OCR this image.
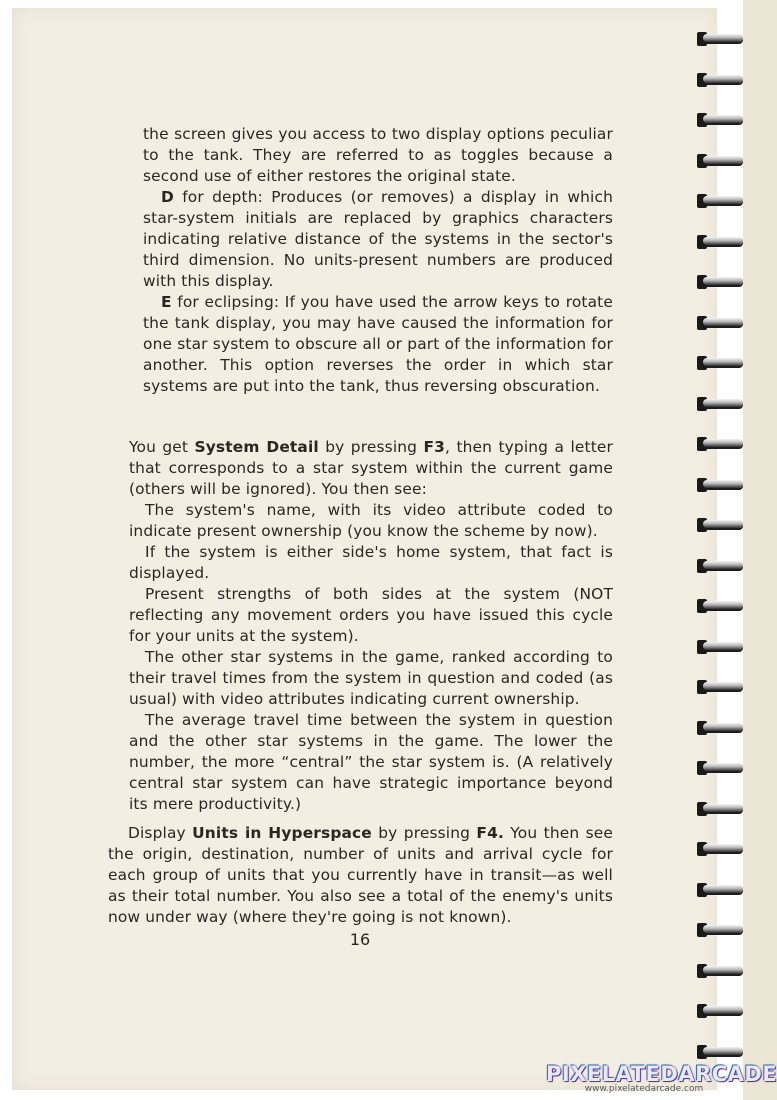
the screen gives you access to two display options peculiar to the tank. They are referred to as toggles because a second use of either restores the original state.

D for depth: Produces (or removes) a display in which star-system initials are replaced by graphics characters indicating relative distance of the systems in the sector's third dimension. No units-present numbers are produced with this display.

E for eclipsing: If you have used the arrow keys to rotate the tank display, you may have caused the information for one star system to obscure all or part of the information for another. This option reverses the order in which star systems are put into the tank, thus reversing obscuration.

You get System Detail by pressing F3, then typing a letter that corresponds to a star system within the current game (others will be ignored). You then see:

The system's name, with its video attribute coded to indicate present ownership (you know the scheme by now).

If the system is either side's home system, that fact is displayed.

Present strengths of both sides at the system (NOT reflecting any movement orders you have issued this cycle for your units at the system).

The other star systems in the game, ranked according to their travel times from the system in question and coded (as usual) with video attributes indicating current ownership.

The average travel time between the system in question and the other star systems in the game. The lower the number, the more “central” the star system is. (A relatively central star system can have strategic importance beyond its mere productivity.)

Display Units in Hyperspace by pressing F4. You then see the origin, destination, number of units and arrival cycle for each group of units that you currently have in transit—as well as their total number. You also see a total of the enemy's units now under way (where they're going is not known).

16
PIXELATEDARCADE
www.pixelatedarcade.com
